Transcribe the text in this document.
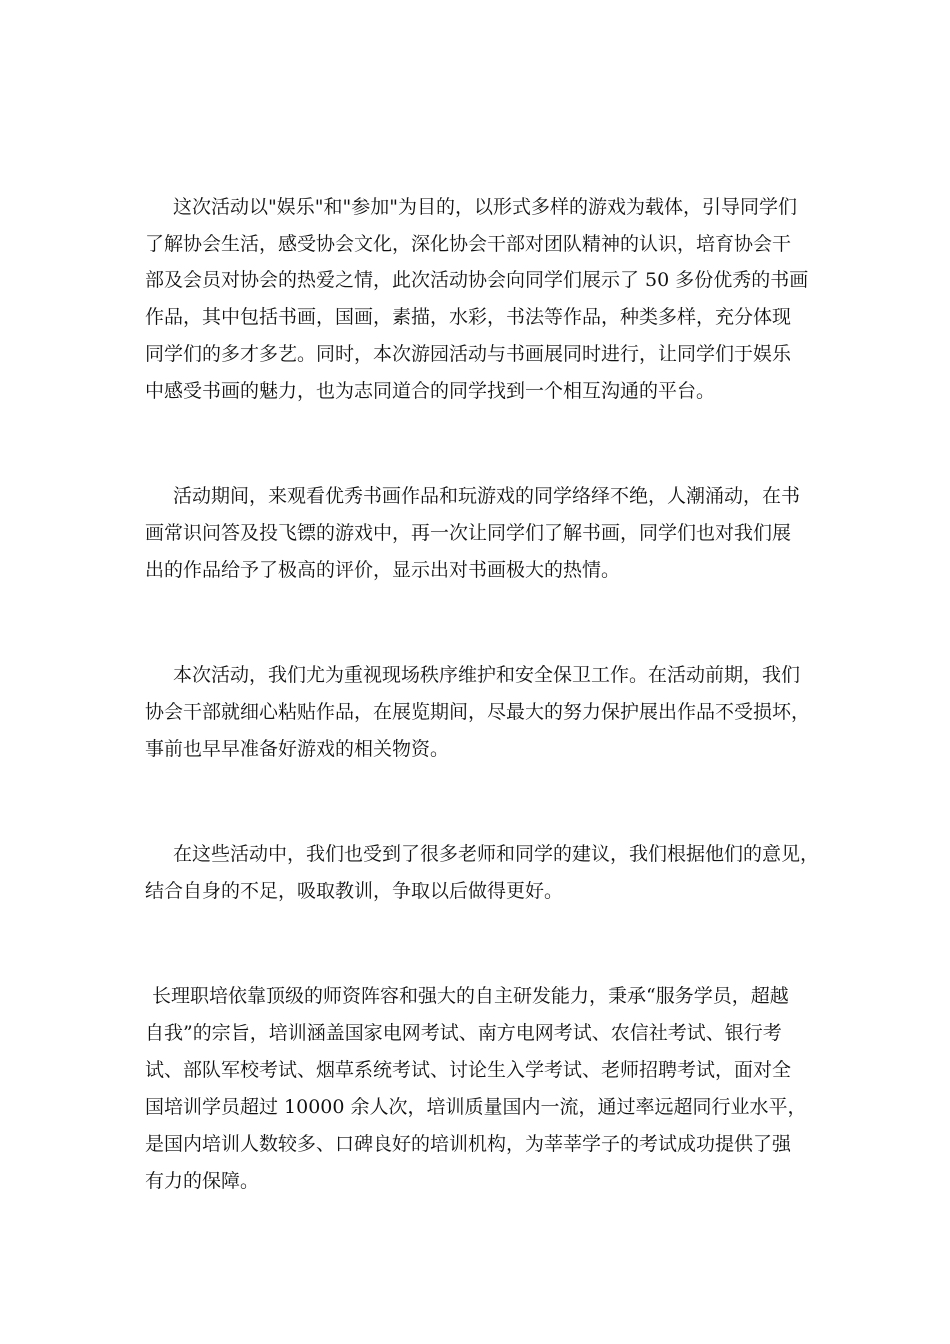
这次活动以"娱乐"和"参加"为目的，以形式多样的游戏为载体，引导同学们
了解协会生活，感受协会文化，深化协会干部对团队精神的认识，培育协会干
部及会员对协会的热爱之情，此次活动协会向同学们展示了 50 多份优秀的书画
作品，其中包括书画，国画，素描，水彩，书法等作品，种类多样，充分体现
同学们的多才多艺。同时，本次游园活动与书画展同时进行，让同学们于娱乐
中感受书画的魅力，也为志同道合的同学找到一个相互沟通的平台。
活动期间，来观看优秀书画作品和玩游戏的同学络绎不绝，人潮涌动，在书
画常识问答及投飞镖的游戏中，再一次让同学们了解书画，同学们也对我们展
出的作品给予了极高的评价，显示出对书画极大的热情。
本次活动，我们尤为重视现场秩序维护和安全保卫工作。在活动前期，我们
协会干部就细心粘贴作品，在展览期间，尽最大的努力保护展出作品不受损坏，
事前也早早准备好游戏的相关物资。
在这些活动中，我们也受到了很多老师和同学的建议，我们根据他们的意见，
结合自身的不足，吸取教训，争取以后做得更好。
长理职培依靠顶级的师资阵容和强大的自主研发能力，秉承“服务学员，超越
自我”的宗旨，培训涵盖国家电网考试、南方电网考试、农信社考试、银行考
试、部队军校考试、烟草系统考试、讨论生入学考试、老师招聘考试，面对全
国培训学员超过 10000 余人次，培训质量国内一流，通过率远超同行业水平，
是国内培训人数较多、口碑良好的培训机构，为莘莘学子的考试成功提供了强
有力的保障。
